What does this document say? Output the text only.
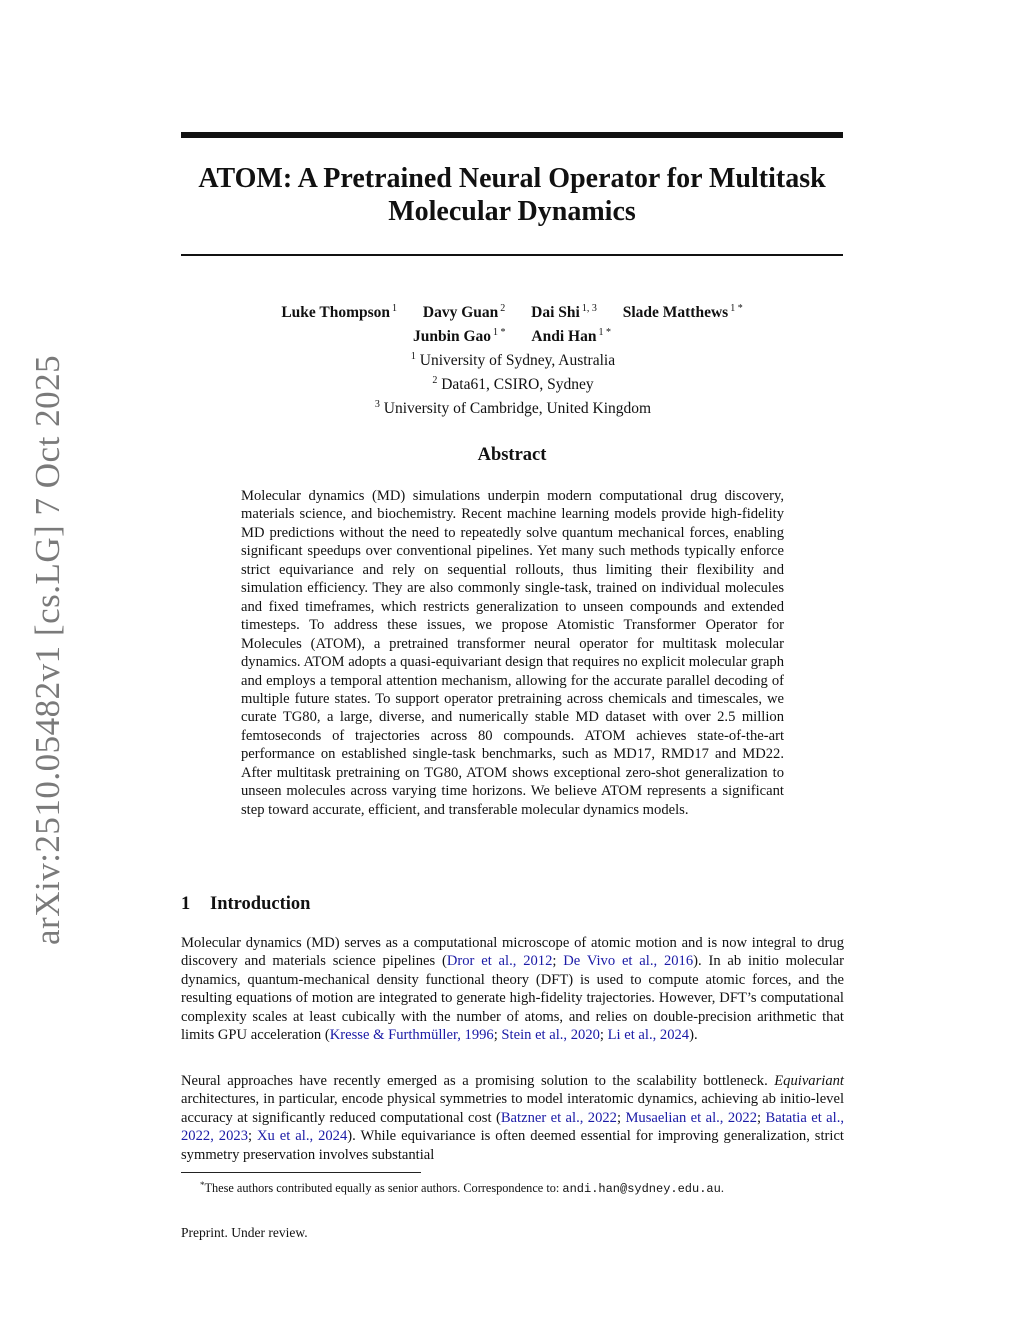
arXiv:2510.05482v1 [cs.LG] 7 Oct 2025
ATOM: A Pretrained Neural Operator for Multitask
Molecular Dynamics
Luke Thompson $^1$ Davy Guan $^2$ Dai Shi $^{1, 3}$ Slade Matthews $^{1 *}$
Junbin Gao $^{1 *}$ Andi Han $^{1 *}$
$^1$ University of Sydney, Australia
$^2$ Data61, CSIRO, Sydney
$^3$ University of Cambridge, United Kingdom
Abstract
Molecular dynamics (MD) simulations underpin modern computational drug discovery, materials science, and biochemistry. Recent machine learning models provide high-fidelity MD predictions without the need to repeatedly solve quantum mechanical forces, enabling significant speedups over conventional pipelines. Yet many such methods typically enforce strict equivariance and rely on sequential rollouts, thus limiting their flexibility and simulation efficiency. They are also commonly single-task, trained on individual molecules and fixed timeframes, which restricts generalization to unseen compounds and extended timesteps. To address these issues, we propose Atomistic Transformer Operator for Molecules (ATOM), a pretrained transformer neural operator for multitask molecular dynamics. ATOM adopts a quasi-equivariant design that requires no explicit molecular graph and employs a temporal attention mechanism, allowing for the accurate parallel decoding of multiple future states. To support operator pretraining across chemicals and timescales, we curate TG80, a large, diverse, and numerically stable MD dataset with over 2.5 million femtoseconds of trajectories across 80 compounds. ATOM achieves state-of-the-art performance on established single-task benchmarks, such as MD17, RMD17 and MD22. After multitask pretraining on TG80, ATOM shows exceptional zero-shot generalization to unseen molecules across varying time horizons. We believe ATOM represents a significant step toward accurate, efficient, and transferable molecular dynamics models.
1 Introduction
Molecular dynamics (MD) serves as a computational microscope of atomic motion and is now integral to drug discovery and materials science pipelines (Dror et al., 2012; De Vivo et al., 2016). In ab initio molecular dynamics, quantum-mechanical density functional theory (DFT) is used to compute atomic forces, and the resulting equations of motion are integrated to generate high-fidelity trajectories. However, DFT’s computational complexity scales at least cubically with the number of atoms, and relies on double-precision arithmetic that limits GPU acceleration (Kresse & Furthmüller, 1996; Stein et al., 2020; Li et al., 2024).
Neural approaches have recently emerged as a promising solution to the scalability bottleneck. Equivariant architectures, in particular, encode physical symmetries to model interatomic dynamics, achieving ab initio-level accuracy at significantly reduced computational cost (Batzner et al., 2022; Musaelian et al., 2022; Batatia et al., 2022, 2023; Xu et al., 2024). While equivariance is often deemed essential for improving generalization, strict symmetry preservation involves substantial
*These authors contributed equally as senior authors. Correspondence to: andi.han@sydney.edu.au.
Preprint. Under review.
